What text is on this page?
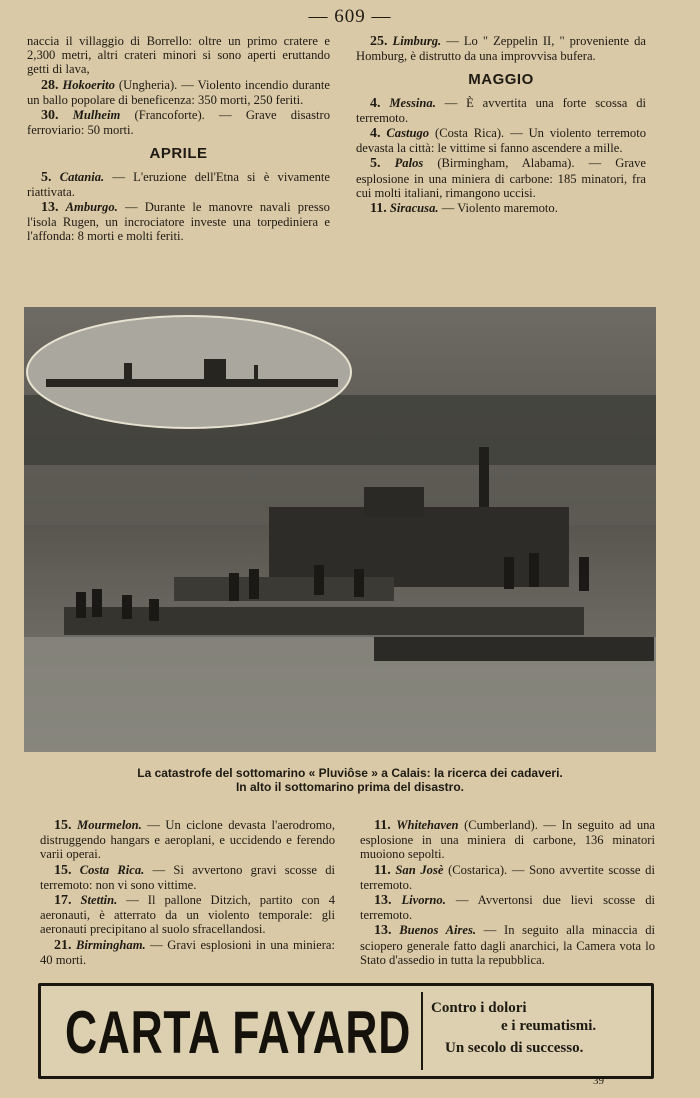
— 609 —

naccia il villaggio di Borrello: oltre un primo cratere e 2,300 metri, altri crateri minori si sono aperti eruttando getti di lava,

28. Hokoerito (Ungheria). — Violento incendio durante un ballo popolare di beneficenza: 350 morti, 250 feriti.

30. Mulheim (Francoforte). — Grave disastro ferroviario: 50 morti.

APRILE

5. Catania. — L'eruzione dell'Etna si è vivamente riattivata.

13. Amburgo. — Durante le manovre navali presso l'isola Rugen, un incrociatore investe una torpediniera e l'affonda: 8 morti e molti feriti.

25. Limburg. — Lo " Zeppelin II, " proveniente da Homburg, è distrutto da una improvvisa bufera.

MAGGIO

4. Messina. — È avvertita una forte scossa di terremoto.

4. Castugo (Costa Rica). — Un violento terremoto devasta la città: le vittime si fanno ascendere a mille.

5. Palos (Birmingham, Alabama). — Grave esplosione in una miniera di carbone: 185 minatori, fra cui molti italiani, rimangono uccisi.

11. Siracusa. — Violento maremoto.

La catastrofe del sottomarino « Pluviôse » a Calais: la ricerca dei cadaveri.
In alto il sottomarino prima del disastro.

15. Mourmelon. — Un ciclone devasta l'aerodromo, distruggendo hangars e aeroplani, e uccidendo e ferendo varii operai.

15. Costa Rica. — Si avvertono gravi scosse di terremoto: non vi sono vittime.

17. Stettin. — Il pallone Ditzich, partito con 4 aeronauti, è atterrato da un violento temporale: gli aeronauti precipitano al suolo sfracellandosi.

21. Birmingham. — Gravi esplosioni in una miniera: 40 morti.

11. Whitehaven (Cumberland). — In seguito ad una esplosione in una miniera di carbone, 136 minatori muoiono sepolti.

11. San Josè (Costarica). — Sono avvertite scosse di terremoto.

13. Livorno. — Avvertonsi due lievi scosse di terremoto.

13. Buenos Aires. — In seguito alla minaccia di sciopero generale fatto dagli anarchici, la Camera vota lo Stato d'assedio in tutta la repubblica.

CARTA FAYARD Contro i dolori
e i reumatismi.
Un secolo di successo.
39
